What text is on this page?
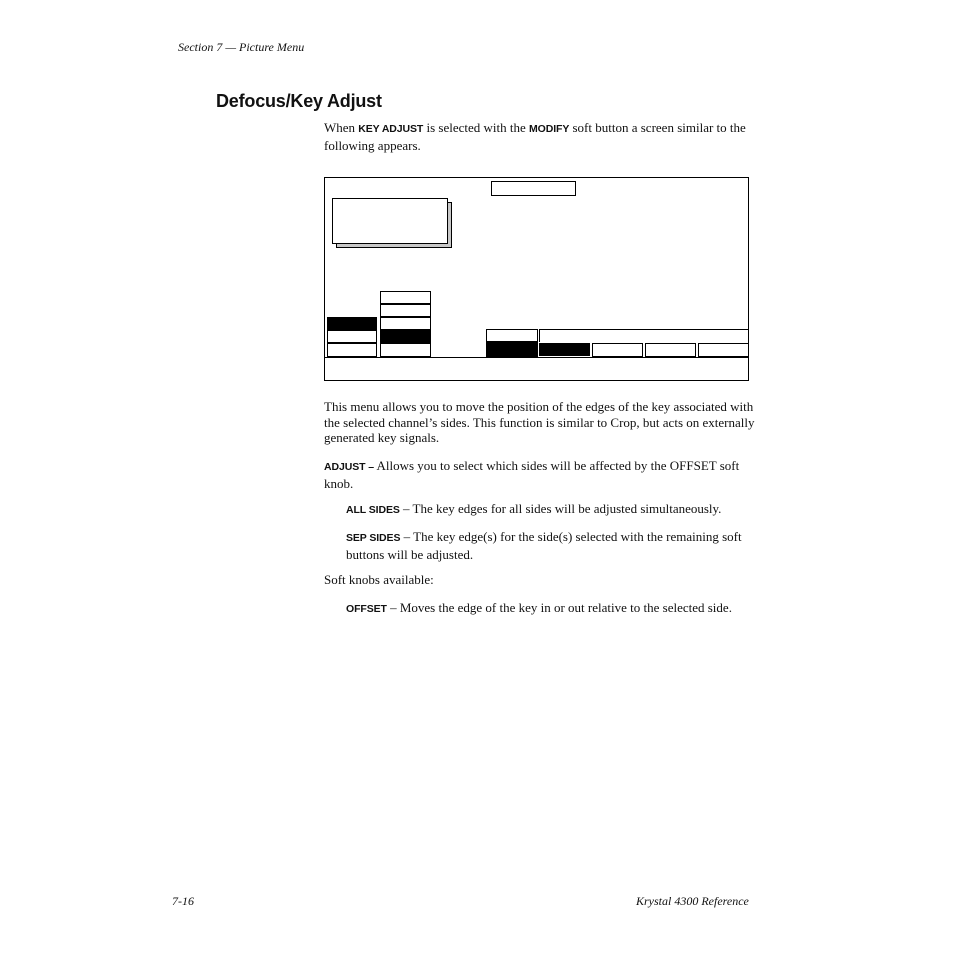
Section 7 — Picture Menu
Defocus/Key Adjust
When KEY ADJUST is selected with the MODIFY soft button a screen similar to the following appears.
This menu allows you to move the position of the edges of the key associated with the selected channel’s sides. This function is similar to Crop, but acts on externally generated key signals.
ADJUST – Allows you to select which sides will be affected by the OFFSET soft knob.
ALL SIDES – The key edges for all sides will be adjusted simultaneously.
SEP SIDES – The key edge(s) for the side(s) selected with the remaining soft buttons will be adjusted.
Soft knobs available:
OFFSET – Moves the edge of the key in or out relative to the selected side.
7-16	Krystal 4300 Reference
